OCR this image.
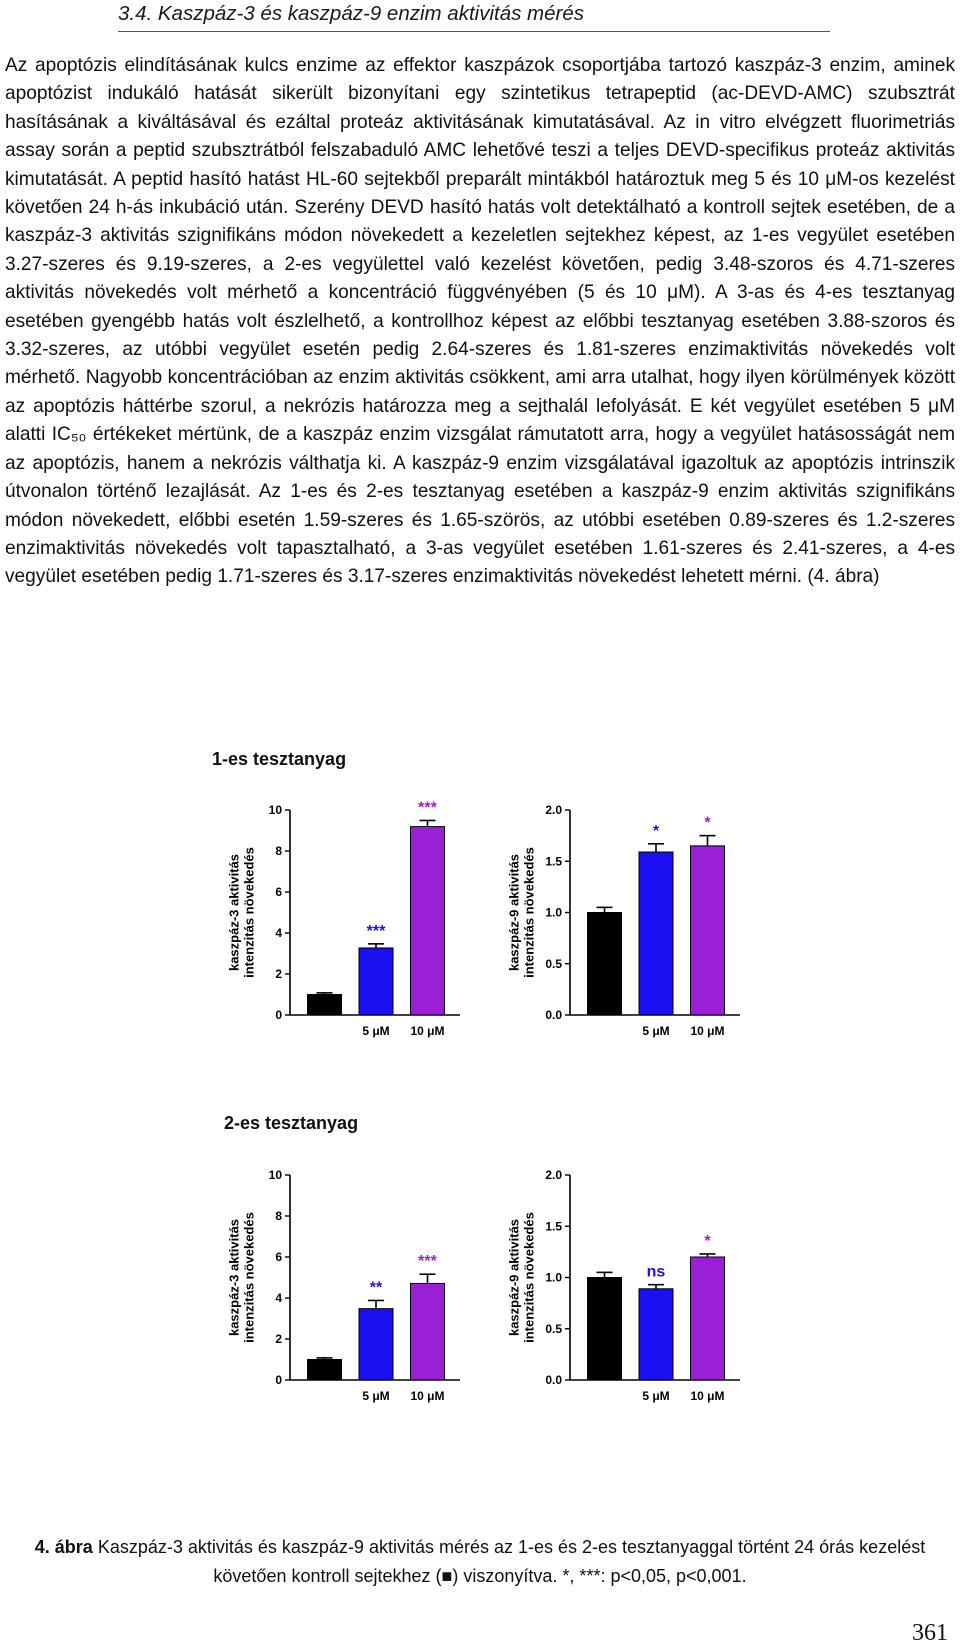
3.4. Kaszpáz-3 és kaszpáz-9 enzim aktivitás mérés

Az apoptózis elindításának kulcs enzime az effektor kaszpázok csoportjába tartozó kaszpáz-3 enzim, aminek apoptózist indukáló hatását sikerült bizonyítani egy szintetikus tetrapeptid (ac-DEVD-AMC) szubsztrát hasításának a kiváltásával és ezáltal proteáz aktivitásának kimutatásával. Az in vitro elvégzett fluorimetriás assay során a peptid szubsztrátból felszabaduló AMC lehetővé teszi a teljes DEVD-specifikus proteáz aktivitás kimutatását. A peptid hasító hatást HL-60 sejtekből preparált mintákból határoztuk meg 5 és 10 μM-os kezelést követően 24 h-ás inkubáció után. Szerény DEVD hasító hatás volt detektálható a kontroll sejtek esetében, de a kaszpáz-3 aktivitás szignifikáns módon növekedett a kezeletlen sejtekhez képest, az 1-es vegyület esetében 3.27-szeres és 9.19-szeres, a 2-es vegyülettel való kezelést követően, pedig 3.48-szoros és 4.71-szeres aktivitás növekedés volt mérhető a koncentráció függvényében (5 és 10 μM). A 3-as és 4-es tesztanyag esetében gyengébb hatás volt észlelhető, a kontrollhoz képest az előbbi tesztanyag esetében 3.88-szoros és 3.32-szeres, az utóbbi vegyület esetén pedig 2.64-szeres és 1.81-szeres enzimaktivitás növekedés volt mérhető. Nagyobb koncentrációban az enzim aktivitás csökkent, ami arra utalhat, hogy ilyen körülmények között az apoptózis háttérbe szorul, a nekrózis határozza meg a sejthalál lefolyását. E két vegyület esetében 5 μM alatti IC₅₀ értékeket mértünk, de a kaszpáz enzim vizsgálat rámutatott arra, hogy a vegyület hatásosságát nem az apoptózis, hanem a nekrózis válthatja ki. A kaszpáz-9 enzim vizsgálatával igazoltuk az apoptózis intrinszik útvonalon történő lezajlását. Az 1-es és 2-es tesztanyag esetében a kaszpáz-9 enzim aktivitás szignifikáns módon növekedett, előbbi esetén 1.59-szeres és 1.65-szörös, az utóbbi esetében 0.89-szeres és 1.2-szeres enzimaktivitás növekedés volt tapasztalható, a 3-as vegyület esetében 1.61-szeres és 2.41-szeres, a 4-es vegyület esetében pedig 1.71-szeres és 3.17-szeres enzimaktivitás növekedést lehetett mérni. (4. ábra)

1-es tesztanyag
2-es tesztanyag
kaszpáz-3 aktivitásintenzitás növekedés
0
2
4
6
8
10
***
5 μM
***
10 μM
kaszpáz-9 aktivitásintenzitás növekedés
0.0
0.5
1.0
1.5
2.0
*
5 μM
*
10 μM
kaszpáz-3 aktivitásintenzitás növekedés
0
2
4
6
8
10
**
5 μM
***
10 μM
kaszpáz-9 aktivitásintenzitás növekedés
0.0
0.5
1.0
1.5
2.0
ns
5 μM
*
10 μM
4. ábra Kaszpáz-3 aktivitás és kaszpáz-9 aktivitás mérés az 1-es és 2-es tesztanyaggal történt 24 órás kezelést követően kontroll sejtekhez (■) viszonyítva. *, ***: p<0,05, p<0,001.
361
